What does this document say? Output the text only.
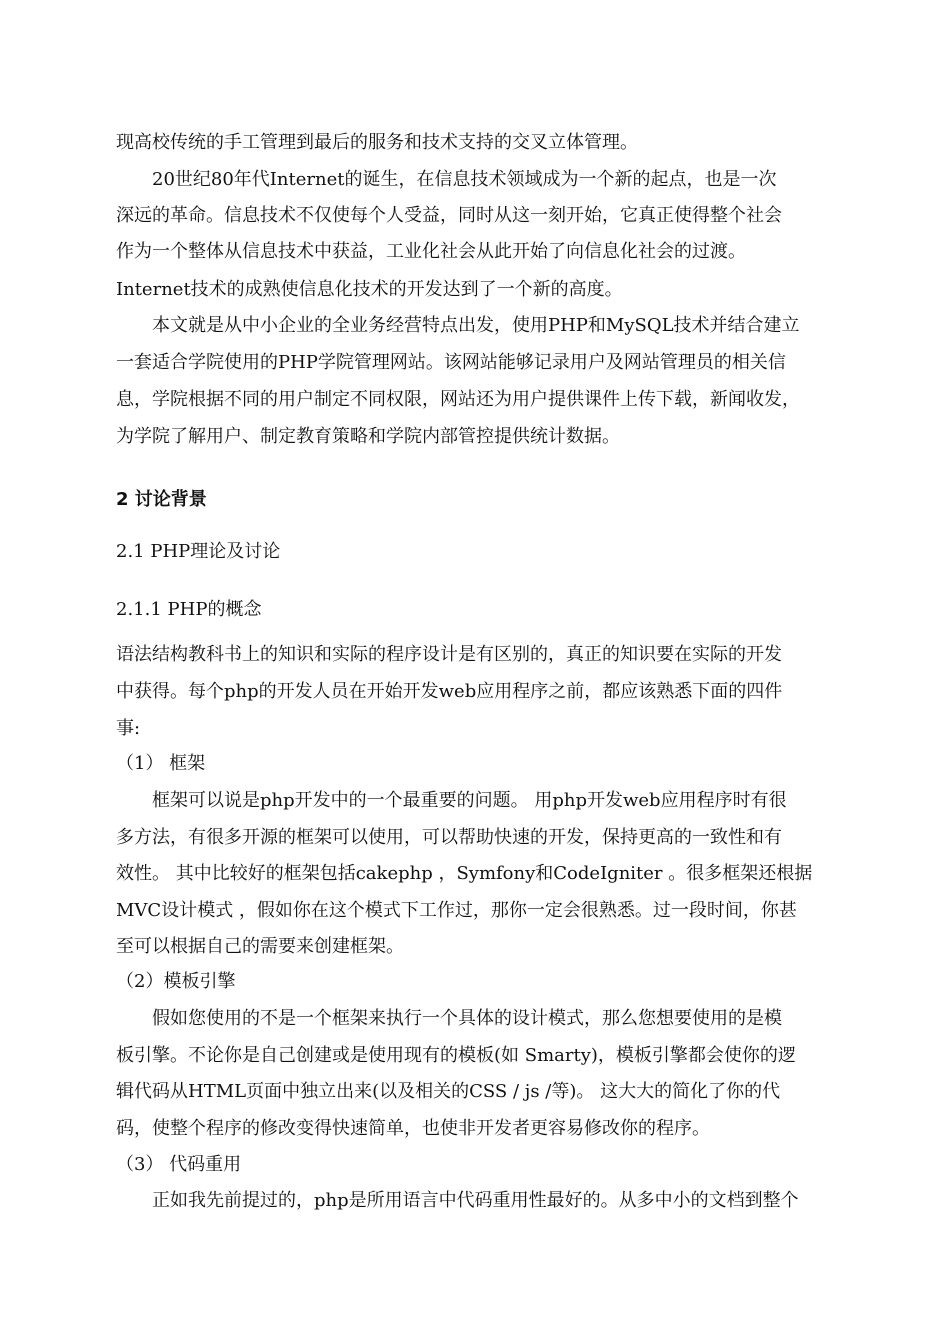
现高校传统的手工管理到最后的服务和技术支持的交叉立体管理。
20世纪80年代Internet的诞生，在信息技术领域成为一个新的起点，也是一次
深远的革命。信息技术不仅使每个人受益，同时从这一刻开始，它真正使得整个社会
作为一个整体从信息技术中获益，工业化社会从此开始了向信息化社会的过渡。
Internet技术的成熟使信息化技术的开发达到了一个新的高度。
本文就是从中小企业的全业务经营特点出发，使用PHP和MySQL技术并结合建立
一套适合学院使用的PHP学院管理网站。该网站能够记录用户及网站管理员的相关信
息，学院根据不同的用户制定不同权限，网站还为用户提供课件上传下载，新闻收发，
为学院了解用户、制定教育策略和学院内部管控提供统计数据。
2 讨论背景
2.1 PHP理论及讨论
2.1.1 PHP的概念
语法结构教科书上的知识和实际的程序设计是有区别的，真正的知识要在实际的开发
中获得。每个php的开发人员在开始开发web应用程序之前，都应该熟悉下面的四件
事:
（1） 框架
框架可以说是php开发中的一个最重要的问题。 用php开发web应用程序时有很
多方法，有很多开源的框架可以使用，可以帮助快速的开发，保持更高的一致性和有
效性。 其中比较好的框架包括cakephp ，Symfony和CodeIgniter 。很多框架还根据
MVC设计模式 ，假如你在这个模式下工作过，那你一定会很熟悉。过一段时间，你甚
至可以根据自己的需要来创建框架。
（2）模板引擎
假如您使用的不是一个框架来执行一个具体的设计模式，那么您想要使用的是模
板引擎。不论你是自己创建或是使用现有的模板(如 Smarty)，模板引擎都会使你的逻
辑代码从HTML页面中独立出来(以及相关的CSS / js /等)。 这大大的简化了你的代
码，使整个程序的修改变得快速简单，也使非开发者更容易修改你的程序。
（3） 代码重用
正如我先前提过的，php是所用语言中代码重用性最好的。从多中小的文档到整个
